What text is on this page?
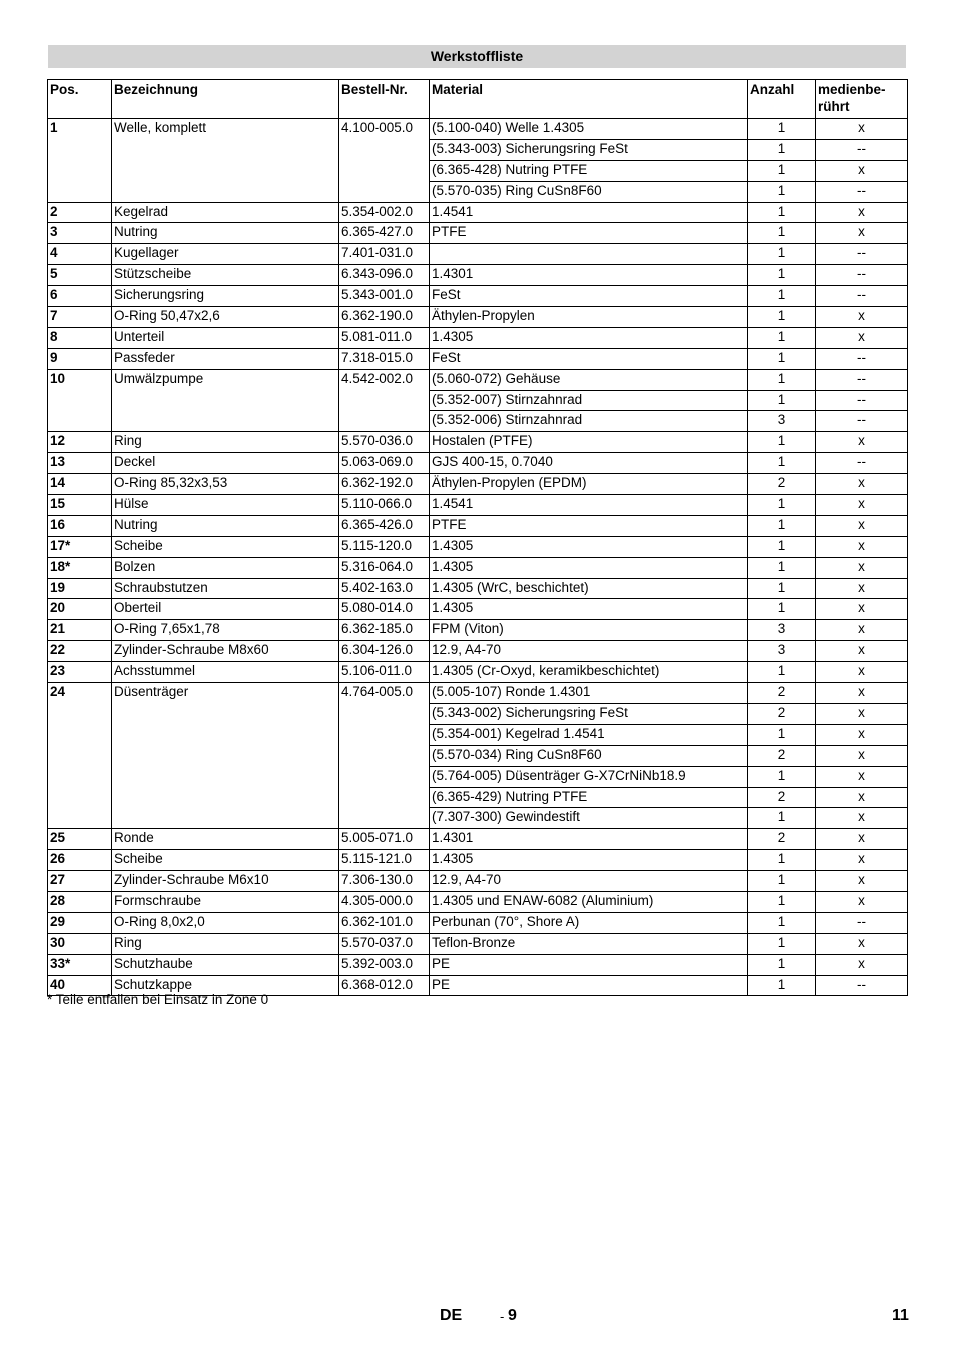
Werkstoffliste
Pos.	Bezeichnung	Bestell-Nr.	Material	Anzahl	medienbe-
rührt
1	Welle, komplett	4.100-005.0	(5.100-040) Welle 1.4305	1	x
			(5.343-003) Sicherungsring FeSt	1	--
			(6.365-428) Nutring PTFE	1	x
			(5.570-035) Ring CuSn8F60	1	--
2	Kegelrad	5.354-002.0	1.4541	1	x
3	Nutring	6.365-427.0	PTFE	1	x
4	Kugellager	7.401-031.0		1	--
5	Stützscheibe	6.343-096.0	1.4301	1	--
6	Sicherungsring	5.343-001.0	FeSt	1	--
7	O-Ring 50,47x2,6	6.362-190.0	Äthylen-Propylen	1	x
8	Unterteil	5.081-011.0	1.4305	1	x
9	Passfeder	7.318-015.0	FeSt	1	--
10	Umwälzpumpe	4.542-002.0	(5.060-072) Gehäuse	1	--
			(5.352-007) Stirnzahnrad	1	--
			(5.352-006) Stirnzahnrad	3	--
12	Ring	5.570-036.0	Hostalen (PTFE)	1	x
13	Deckel	5.063-069.0	GJS 400-15, 0.7040	1	--
14	O-Ring 85,32x3,53	6.362-192.0	Äthylen-Propylen (EPDM)	2	x
15	Hülse	5.110-066.0	1.4541	1	x
16	Nutring	6.365-426.0	PTFE	1	x
17*	Scheibe	5.115-120.0	1.4305	1	x
18*	Bolzen	5.316-064.0	1.4305	1	x
19	Schraubstutzen	5.402-163.0	1.4305 (WrC, beschichtet)	1	x
20	Oberteil	5.080-014.0	1.4305	1	x
21	O-Ring 7,65x1,78	6.362-185.0	FPM (Viton)	3	x
22	Zylinder-Schraube M8x60	6.304-126.0	12.9, A4-70	3	x
23	Achsstummel	5.106-011.0	1.4305 (Cr-Oxyd, keramikbeschichtet)	1	x
24	Düsenträger	4.764-005.0	(5.005-107) Ronde 1.4301	2	x
			(5.343-002) Sicherungsring FeSt	2	x
			(5.354-001) Kegelrad 1.4541	1	x
			(5.570-034) Ring CuSn8F60	2	x
			(5.764-005) Düsenträger G-X7CrNiNb18.9	1	x
			(6.365-429) Nutring PTFE	2	x
			(7.307-300) Gewindestift	1	x
25	Ronde	5.005-071.0	1.4301	2	x
26	Scheibe	5.115-121.0	1.4305	1	x
27	Zylinder-Schraube M6x10	7.306-130.0	12.9, A4-70	1	x
28	Formschraube	4.305-000.0	1.4305 und ENAW-6082 (Aluminium)	1	x
29	O-Ring 8,0x2,0	6.362-101.0	Perbunan (70°, Shore A)	1	--
30	Ring	5.570-037.0	Teflon-Bronze	1	x
33*	Schutzhaube	5.392-003.0	PE	1	x
40	Schutzkappe	6.368-012.0	PE	1	--
* Teile entfallen bei Einsatz in Zone 0
DE	- 9	11
